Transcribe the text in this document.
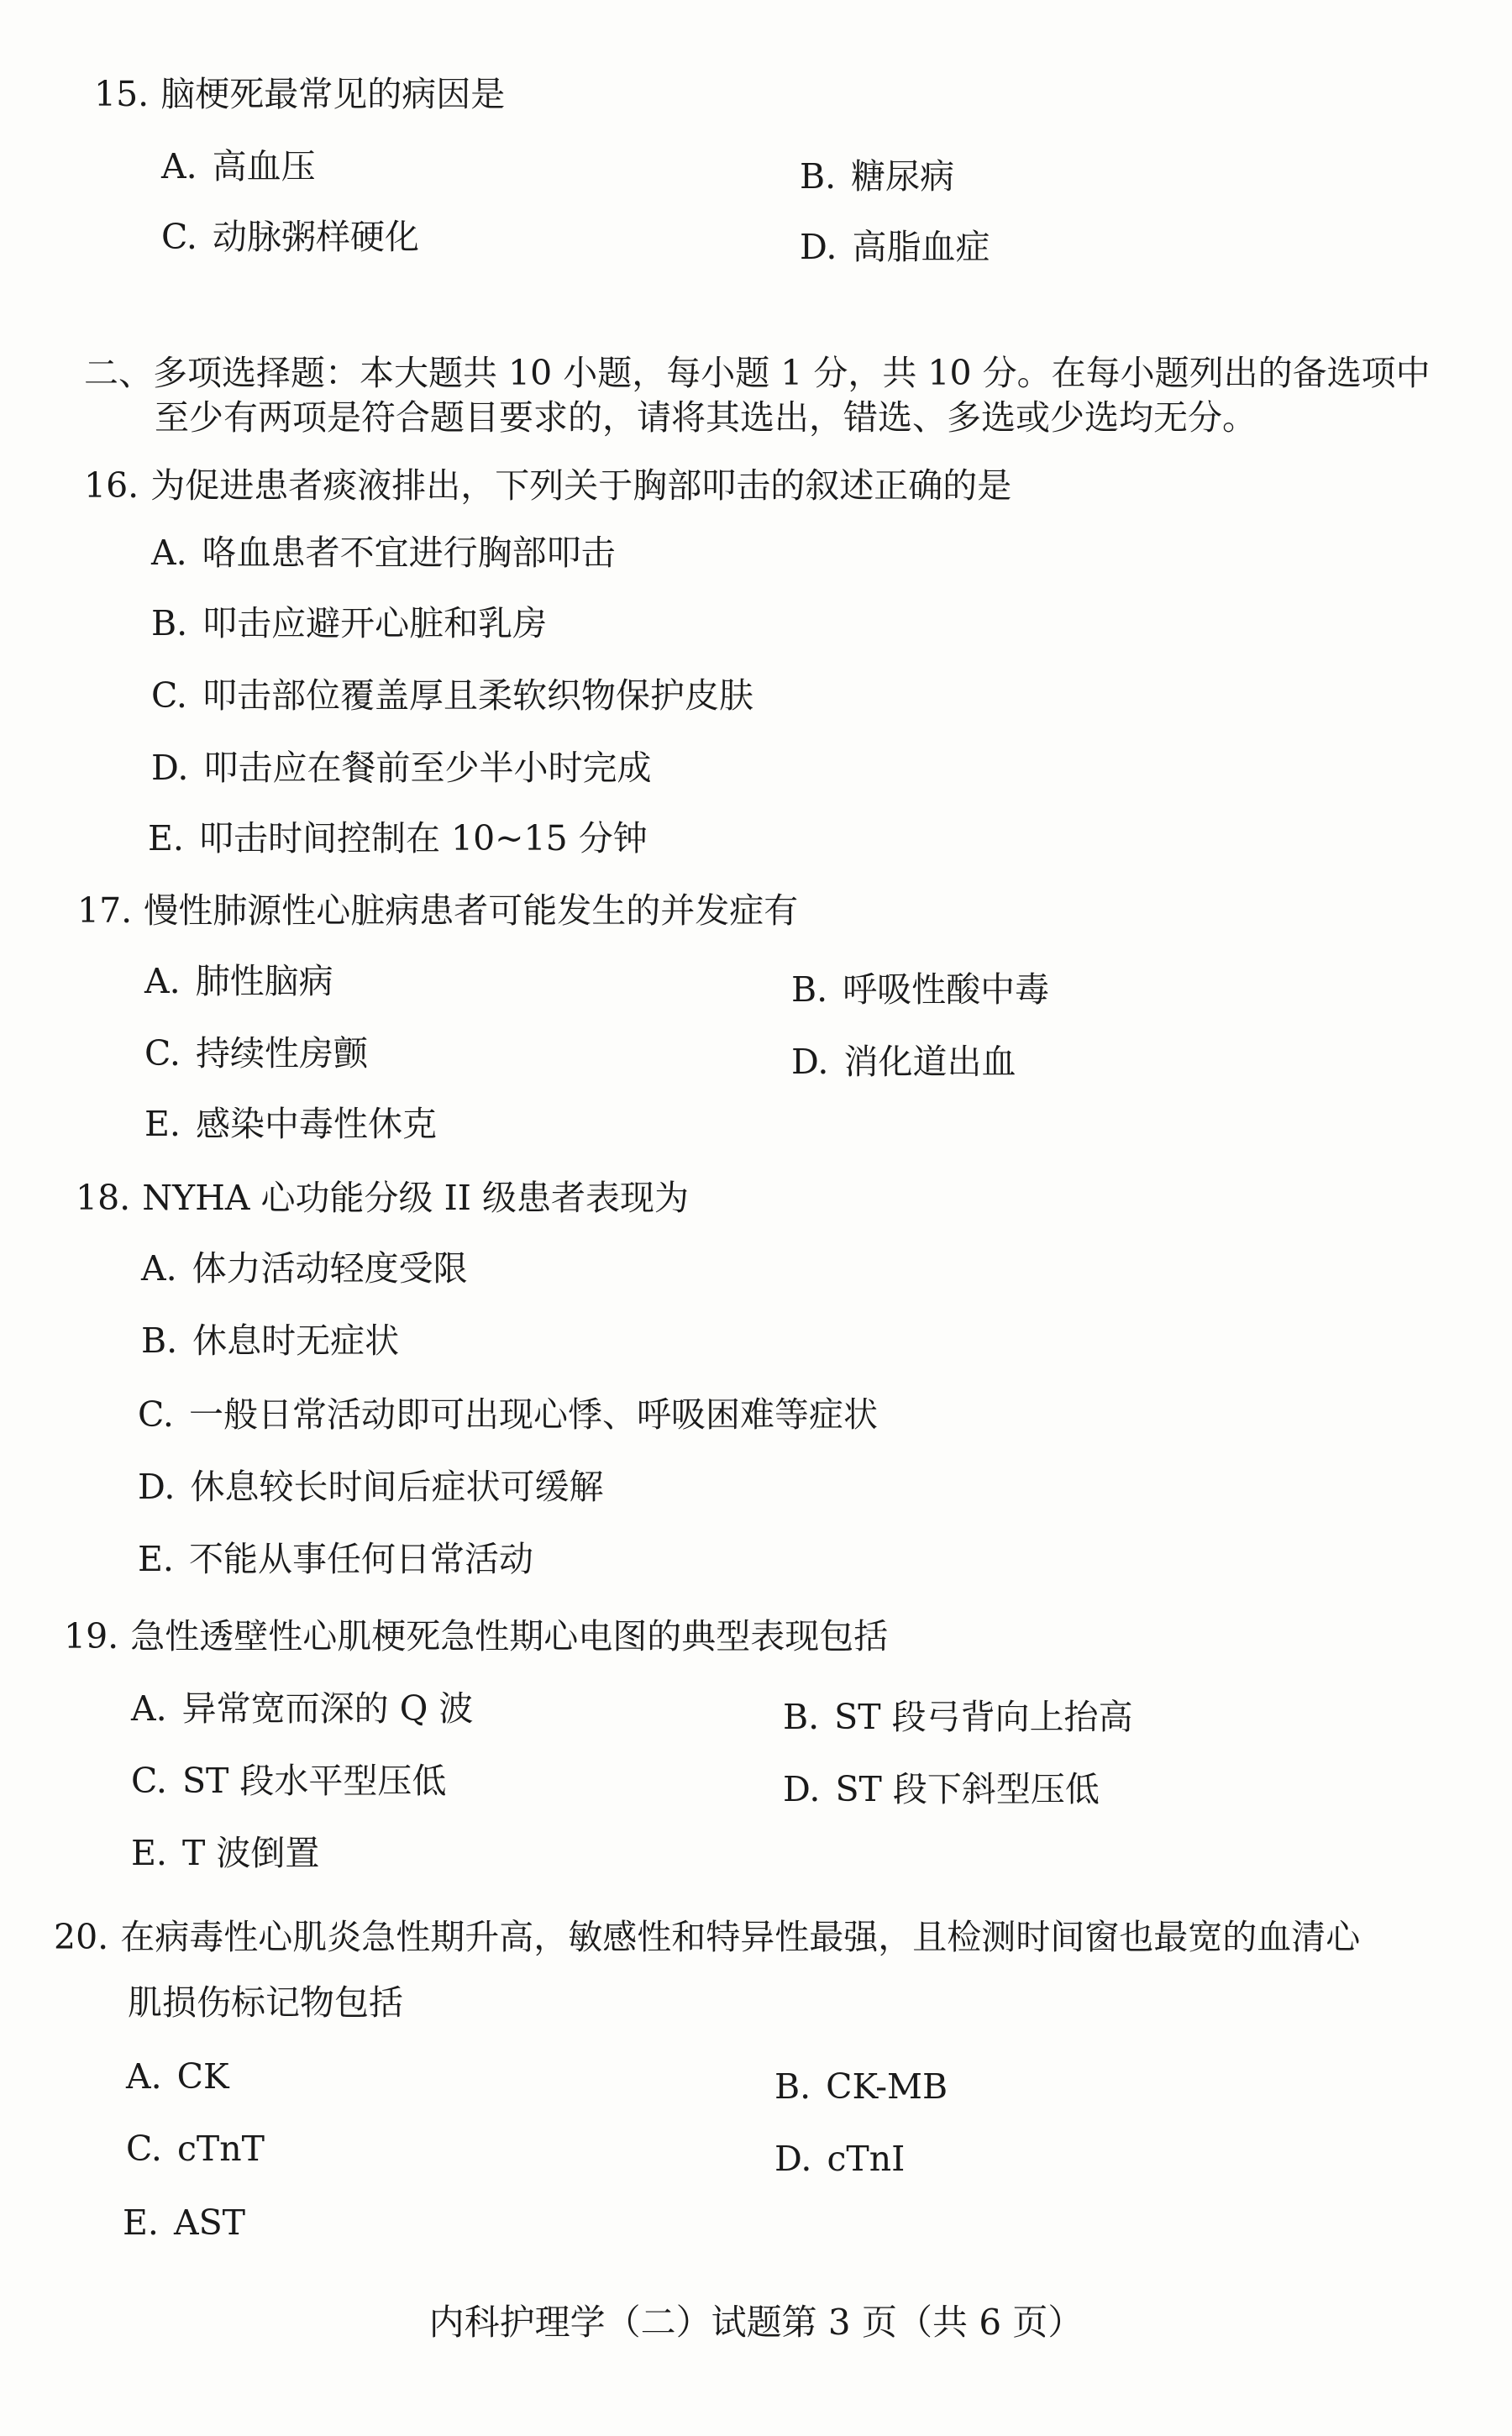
15. 脑梗死最常见的病因是
A. 高血压	B. 糖尿病
C. 动脉粥样硬化	D. 高脂血症
二、多项选择题：本大题共 10 小题，每小题 1 分，共 10 分。在每小题列出的备选项中
至少有两项是符合题目要求的，请将其选出，错选、多选或少选均无分。
16. 为促进患者痰液排出，下列关于胸部叩击的叙述正确的是
A. 咯血患者不宜进行胸部叩击
B. 叩击应避开心脏和乳房
C. 叩击部位覆盖厚且柔软织物保护皮肤
D. 叩击应在餐前至少半小时完成
E. 叩击时间控制在 10~15 分钟
17. 慢性肺源性心脏病患者可能发生的并发症有
A. 肺性脑病	B. 呼吸性酸中毒
C. 持续性房颤	D. 消化道出血
E. 感染中毒性休克
18. NYHA 心功能分级 II 级患者表现为
A. 体力活动轻度受限
B. 休息时无症状
C. 一般日常活动即可出现心悸、呼吸困难等症状
D. 休息较长时间后症状可缓解
E. 不能从事任何日常活动
19. 急性透壁性心肌梗死急性期心电图的典型表现包括
A. 异常宽而深的 Q 波	B. ST 段弓背向上抬高
C. ST 段水平型压低	D. ST 段下斜型压低
E. T 波倒置
20. 在病毒性心肌炎急性期升高，敏感性和特异性最强，且检测时间窗也最宽的血清心
肌损伤标记物包括
A. CK	B. CK-MB
C. cTnT	D. cTnI
E. AST
内科护理学（二）试题第 3 页（共 6 页）
